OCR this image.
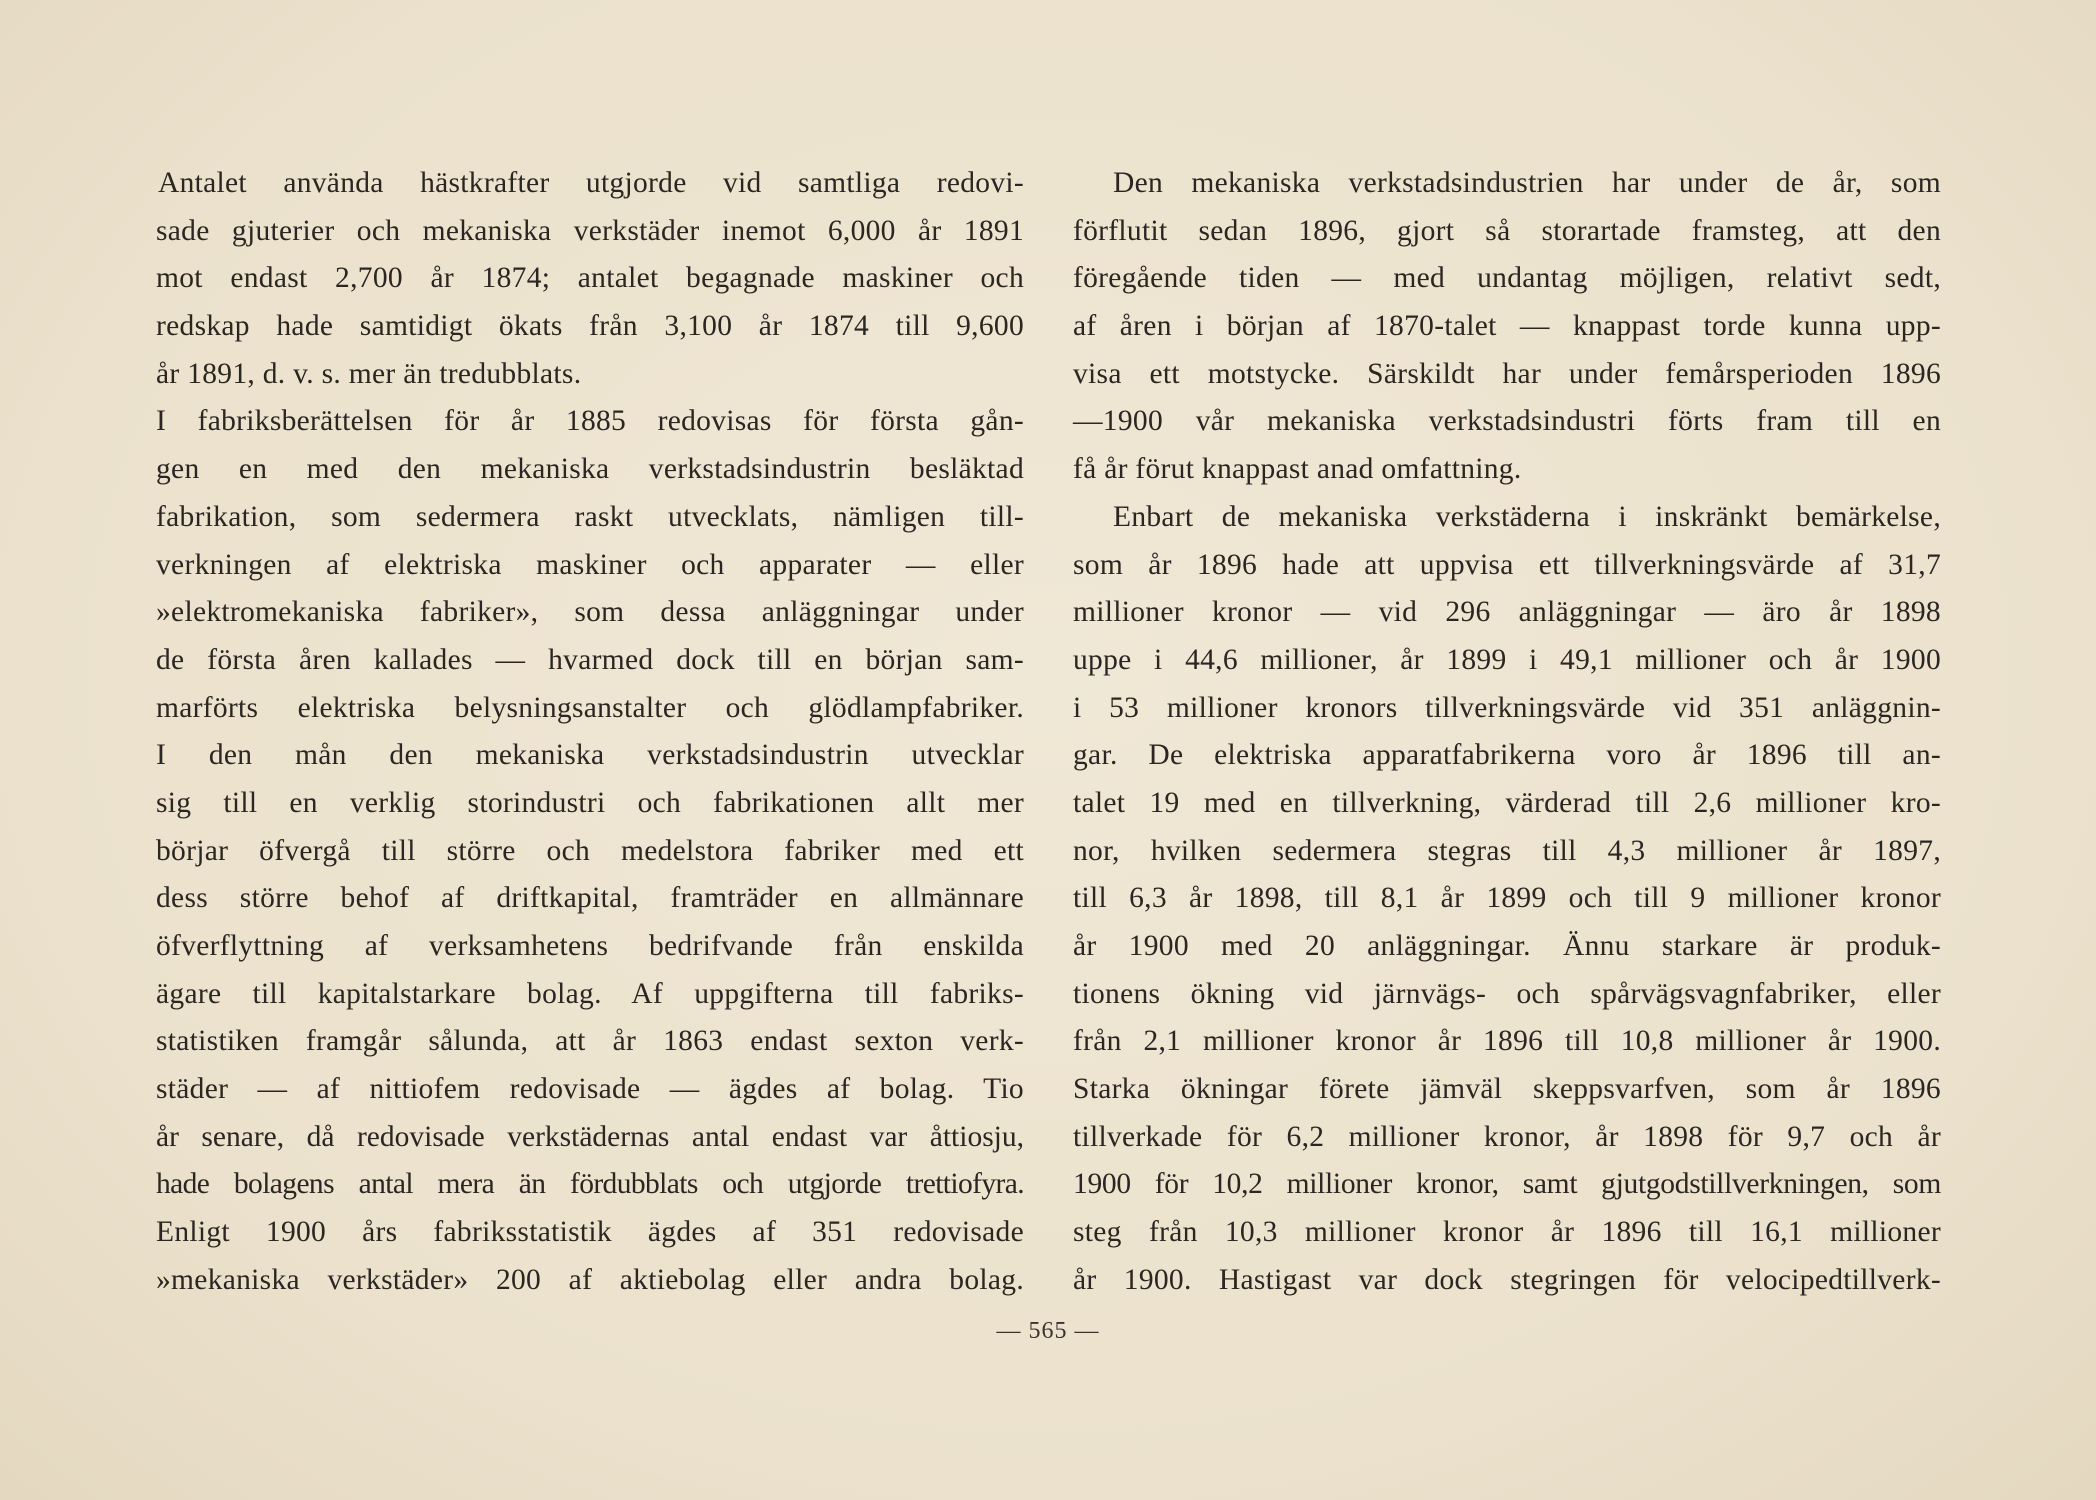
Antalet använda hästkrafter utgjorde vid samtliga redovi-
sade gjuterier och mekaniska verkstäder inemot 6,000 år 1891
mot endast 2,700 år 1874; antalet begagnade maskiner och
redskap hade samtidigt ökats från 3,100 år 1874 till 9,600
år 1891, d. v. s. mer än tredubblats.
I fabriksberättelsen för år 1885 redovisas för första gån-
gen en med den mekaniska verkstadsindustrin besläktad
fabrikation, som sedermera raskt utvecklats, nämligen till-
verkningen af elektriska maskiner och apparater — eller
»elektromekaniska fabriker», som dessa anläggningar under
de första åren kallades — hvarmed dock till en början sam-
marförts elektriska belysningsanstalter och glödlampfabriker.
I den mån den mekaniska verkstadsindustrin utvecklar
sig till en verklig storindustri och fabrikationen allt mer
börjar öfvergå till större och medelstora fabriker med ett
dess större behof af driftkapital, framträder en allmännare
öfverflyttning af verksamhetens bedrifvande från enskilda
ägare till kapitalstarkare bolag. Af uppgifterna till fabriks-
statistiken framgår sålunda, att år 1863 endast sexton verk-
städer — af nittiofem redovisade — ägdes af bolag. Tio
år senare, då redovisade verkstädernas antal endast var åttiosju,
hade bolagens antal mera än fördubblats och utgjorde trettiofyra.
Enligt 1900 års fabriksstatistik ägdes af 351 redovisade
»mekaniska verkstäder» 200 af aktiebolag eller andra bolag.
Den mekaniska verkstadsindustrien har under de år, som
förflutit sedan 1896, gjort så storartade framsteg, att den
föregående tiden — med undantag möjligen, relativt sedt,
af åren i början af 1870-talet — knappast torde kunna upp-
visa ett motstycke. Särskildt har under femårsperioden 1896
—1900 vår mekaniska verkstadsindustri förts fram till en
få år förut knappast anad omfattning.
Enbart de mekaniska verkstäderna i inskränkt bemärkelse,
som år 1896 hade att uppvisa ett tillverkningsvärde af 31,7
millioner kronor — vid 296 anläggningar — äro år 1898
uppe i 44,6 millioner, år 1899 i 49,1 millioner och år 1900
i 53 millioner kronors tillverkningsvärde vid 351 anläggnin-
gar. De elektriska apparatfabrikerna voro år 1896 till an-
talet 19 med en tillverkning, värderad till 2,6 millioner kro-
nor, hvilken sedermera stegras till 4,3 millioner år 1897,
till 6,3 år 1898, till 8,1 år 1899 och till 9 millioner kronor
år 1900 med 20 anläggningar. Ännu starkare är produk-
tionens ökning vid järnvägs- och spårvägsvagnfabriker, eller
från 2,1 millioner kronor år 1896 till 10,8 millioner år 1900.
Starka ökningar förete jämväl skeppsvarfven, som år 1896
tillverkade för 6,2 millioner kronor, år 1898 för 9,7 och år
1900 för 10,2 millioner kronor, samt gjutgodstillverkningen, som
steg från 10,3 millioner kronor år 1896 till 16,1 millioner
år 1900. Hastigast var dock stegringen för velocipedtillverk-
— 565 —
